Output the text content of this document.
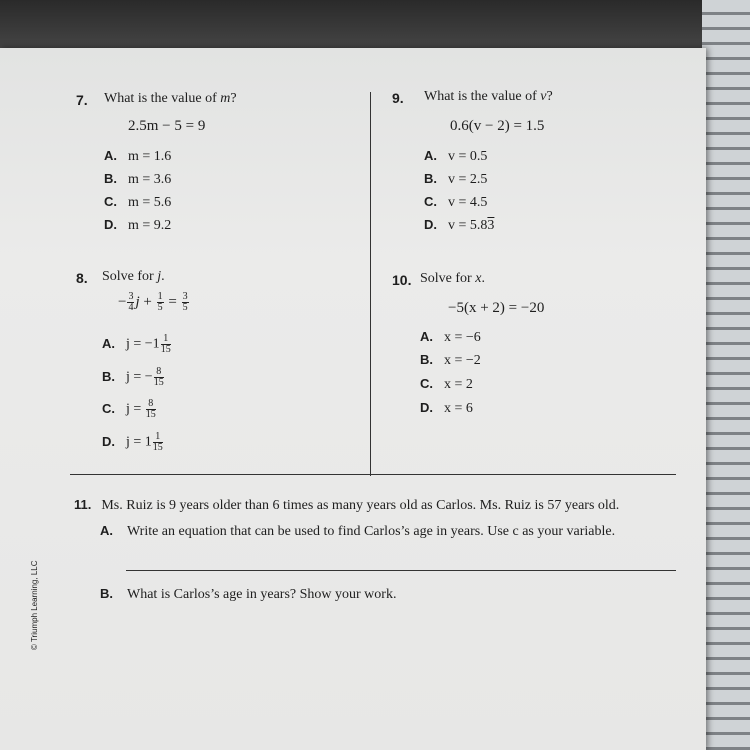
7. What is the value of m?
2.5m − 5 = 9
A. m = 1.6
B. m = 3.6
C. m = 5.6
D. m = 9.2
9. What is the value of v?
0.6(v − 2) = 1.5
A. v = 0.5
B. v = 2.5
C. v = 4.5
D. v = 5.83
8. Solve for j.
− $\frac{3}{4}$ $j + \frac{1}{5} = \frac{3}{5}$
A. $j = -1 \frac{1}{15}$
B. j = − $\frac{8}{15}$
C. $j = \frac{8}{15}$
D. $j = 1 \frac{1}{15}$
10. Solve for x.
−5(x + 2) = −20
A. x = −6
B. x = −2
C. x = 2
D. x = 6
11. Ms. Ruiz is 9 years older than 6 times as many years old as Carlos. Ms. Ruiz is 57 years old.
A. Write an equation that can be used to find Carlos’s age in years. Use c as your variable.
B. What is Carlos’s age in years? Show your work.
© Triumph Learning, LLC
